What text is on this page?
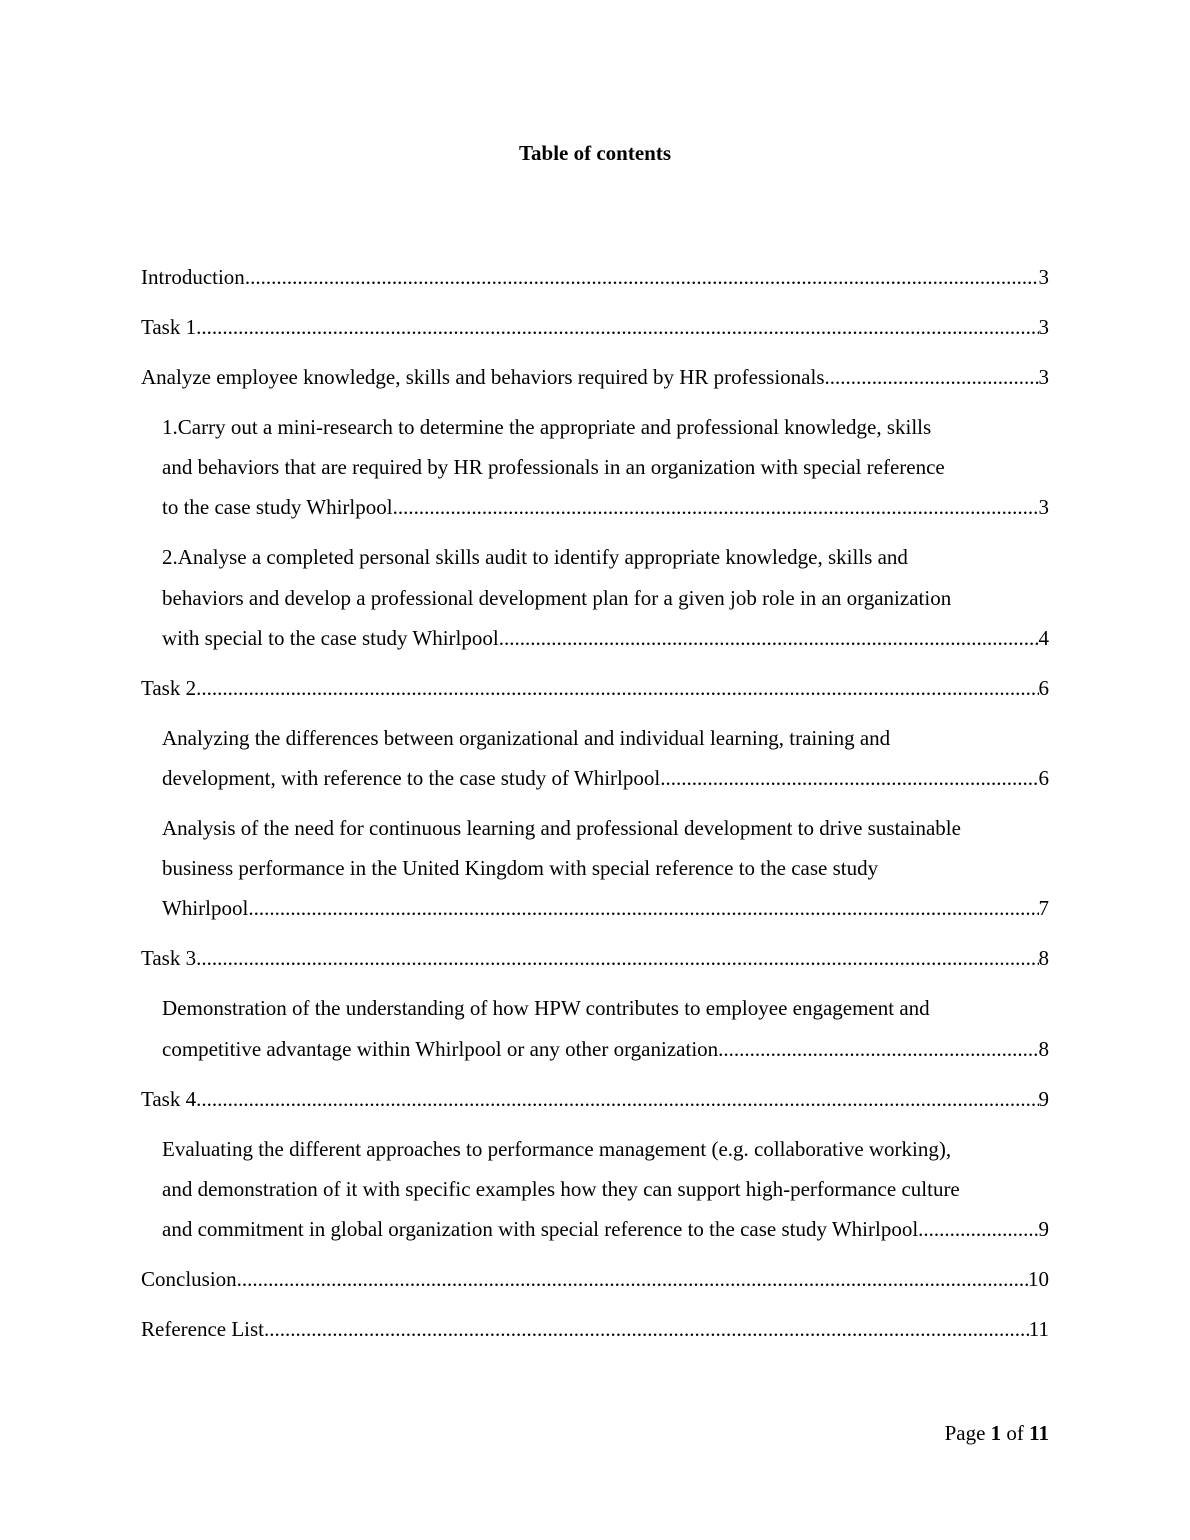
Table of contents
Introduction .....	3
Task 1 .....	3
Analyze employee knowledge, skills and behaviors required by HR professionals .....	3
1.Carry out a mini-research to determine the appropriate and professional knowledge, skills
and behaviors that are required by HR professionals in an organization with special reference
to the case study Whirlpool .....	3
2.Analyse a completed personal skills audit to identify appropriate knowledge, skills and
behaviors and develop a professional development plan for a given job role in an organization
with special to the case study Whirlpool .....	4
Task 2 .....	6
Analyzing the differences between organizational and individual learning, training and
development, with reference to the case study of Whirlpool .....	6
Analysis of the need for continuous learning and professional development to drive sustainable
business performance in the United Kingdom with special reference to the case study
Whirlpool .....	7
Task 3 .....	8
Demonstration of the understanding of how HPW contributes to employee engagement and
competitive advantage within Whirlpool or any other organization .....	8
Task 4 .....	9
Evaluating the different approaches to performance management (e.g. collaborative working),
and demonstration of it with specific examples how they can support high-performance culture
and commitment in global organization with special reference to the case study Whirlpool .....	9
Conclusion .....	10
Reference List .....	11
Page 1 of 11
